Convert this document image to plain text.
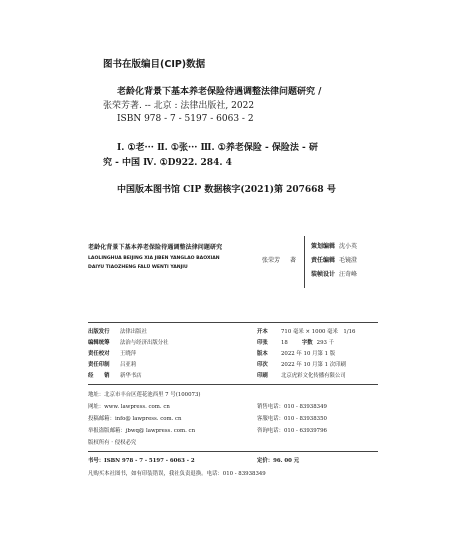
图书在版编目(CIP)数据
老龄化背景下基本养老保险待遇调整法律问题研究 /
张荣芳著. -- 北京 : 法律出版社, 2022
ISBN 978 - 7 - 5197 - 6063 - 2
Ⅰ. ①老··· Ⅱ. ①张··· Ⅲ. ①养老保险 - 保险法 - 研
究 - 中国 Ⅳ. ①D922. 284. 4
中国版本图书馆 CIP 数据核字(2021)第 207668 号
老龄化背景下基本养老保险待遇调整法律问题研究
LAOLINGHUA BEIJING XIA JIBEN YANGLAO BAOXIAN
DAIYU TIAOZHENG FALÜ WENTI YANJIU
张荣芳 著
策划编辑 沈小英
责任编辑 毛镜澄
装帧设计 汪奇峰
出版发行 法律出版社
编辑统筹 法治与经济出版分社
责任校对 王晓萍
责任印制 吕亚莉
经　　销 新华书店
开本 710 毫米 × 1000 毫米　1/16
印张 18	字数 293 千
版本 2022 年 10 月第 1 版
印次 2022 年 10 月第 1 次印刷
印刷 北京虎彩文化传播有限公司
地址：北京市丰台区莲花池西里 7 号(100073)
网址：www. lawpress. com. cn
投稿邮箱：info@ lawpress. com. cn
举报盗版邮箱：jbwq@ lawpress. com. cn
版权所有 · 侵权必究
销售电话：010 - 83938349
客服电话：010 - 83938350
咨询电话：010 - 63939796
书号：ISBN 978 - 7 - 5197 - 6063 - 2	定价：96. 00 元
凡购买本社图书，如有印装错误，我社负责退换。电话：010 - 83938349
